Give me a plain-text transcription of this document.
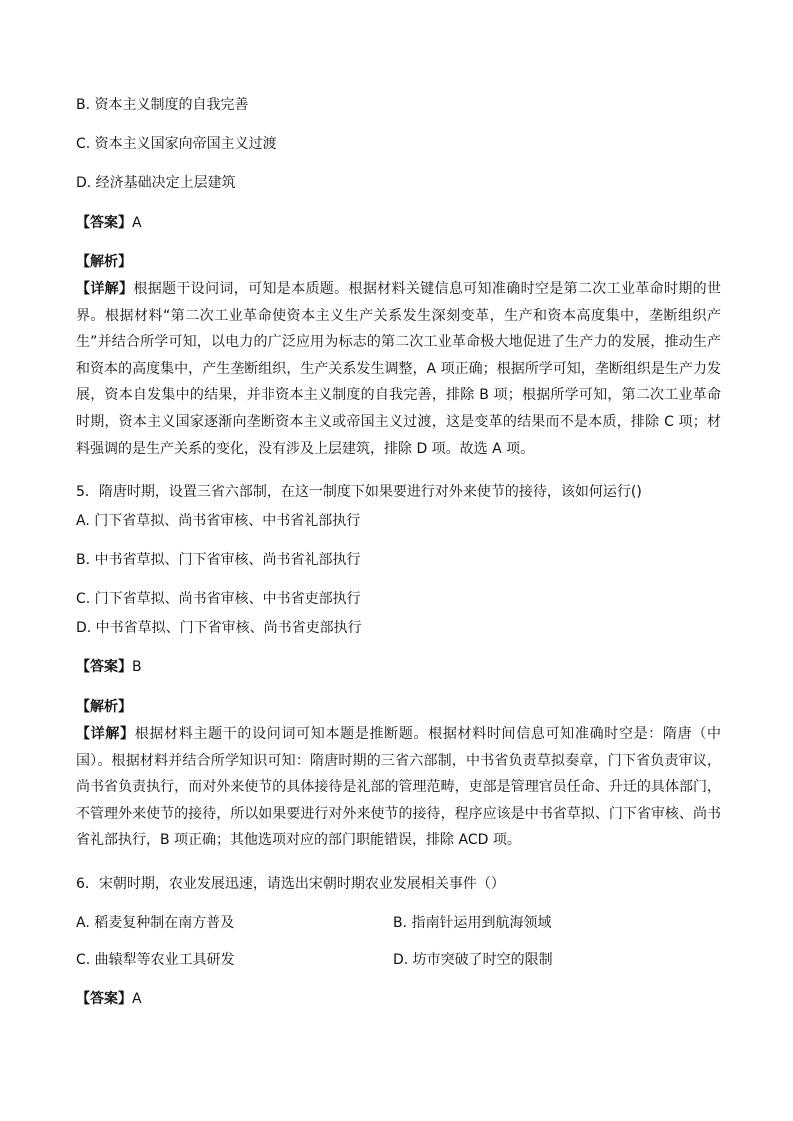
B. 资本主义制度的自我完善
C. 资本主义国家向帝国主义过渡
D. 经济基础决定上层建筑
【答案】A
【解析】

【详解】根据题干设问词，可知是本质题。根据材料关键信息可知准确时空是第二次工业革命时期的世界。根据材料“第二次工业革命使资本主义生产关系发生深刻变革，生产和资本高度集中，垄断组织产生”并结合所学可知，以电力的广泛应用为标志的第二次工业革命极大地促进了生产力的发展，推动生产和资本的高度集中，产生垄断组织，生产关系发生调整，A 项正确；根据所学可知，垄断组织是生产力发展，资本自发集中的结果，并非资本主义制度的自我完善，排除 B 项；根据所学可知，第二次工业革命时期，资本主义国家逐渐向垄断资本主义或帝国主义过渡，这是变革的结果而不是本质，排除 C 项；材料强调的是生产关系的变化，没有涉及上层建筑，排除 D 项。故选 A 项。

5．隋唐时期，设置三省六部制，在这一制度下如果要进行对外来使节的接待，该如何运行()
A. 门下省草拟、尚书省审核、中书省礼部执行
B. 中书省草拟、门下省审核、尚书省礼部执行
C. 门下省草拟、尚书省审核、中书省吏部执行
D. 中书省草拟、门下省审核、尚书省吏部执行
【答案】B
【解析】

【详解】根据材料主题干的设问词可知本题是推断题。根据材料时间信息可知准确时空是：隋唐（中国）。根据材料并结合所学知识可知：隋唐时期的三省六部制，中书省负责草拟奏章，门下省负责审议，尚书省负责执行，而对外来使节的具体接待是礼部的管理范畴，吏部是管理官员任命、升迁的具体部门，不管理外来使节的接待，所以如果要进行对外来使节的接待，程序应该是中书省草拟、门下省审核、尚书省礼部执行，B 项正确；其他选项对应的部门职能错误，排除 ACD 项。

6．宋朝时期，农业发展迅速，请选出宋朝时期农业发展相关事件（）
A. 稻麦复种制在南方普及	B. 指南针运用到航海领域
C. 曲辕犁等农业工具研发	D. 坊市突破了时空的限制
【答案】A
